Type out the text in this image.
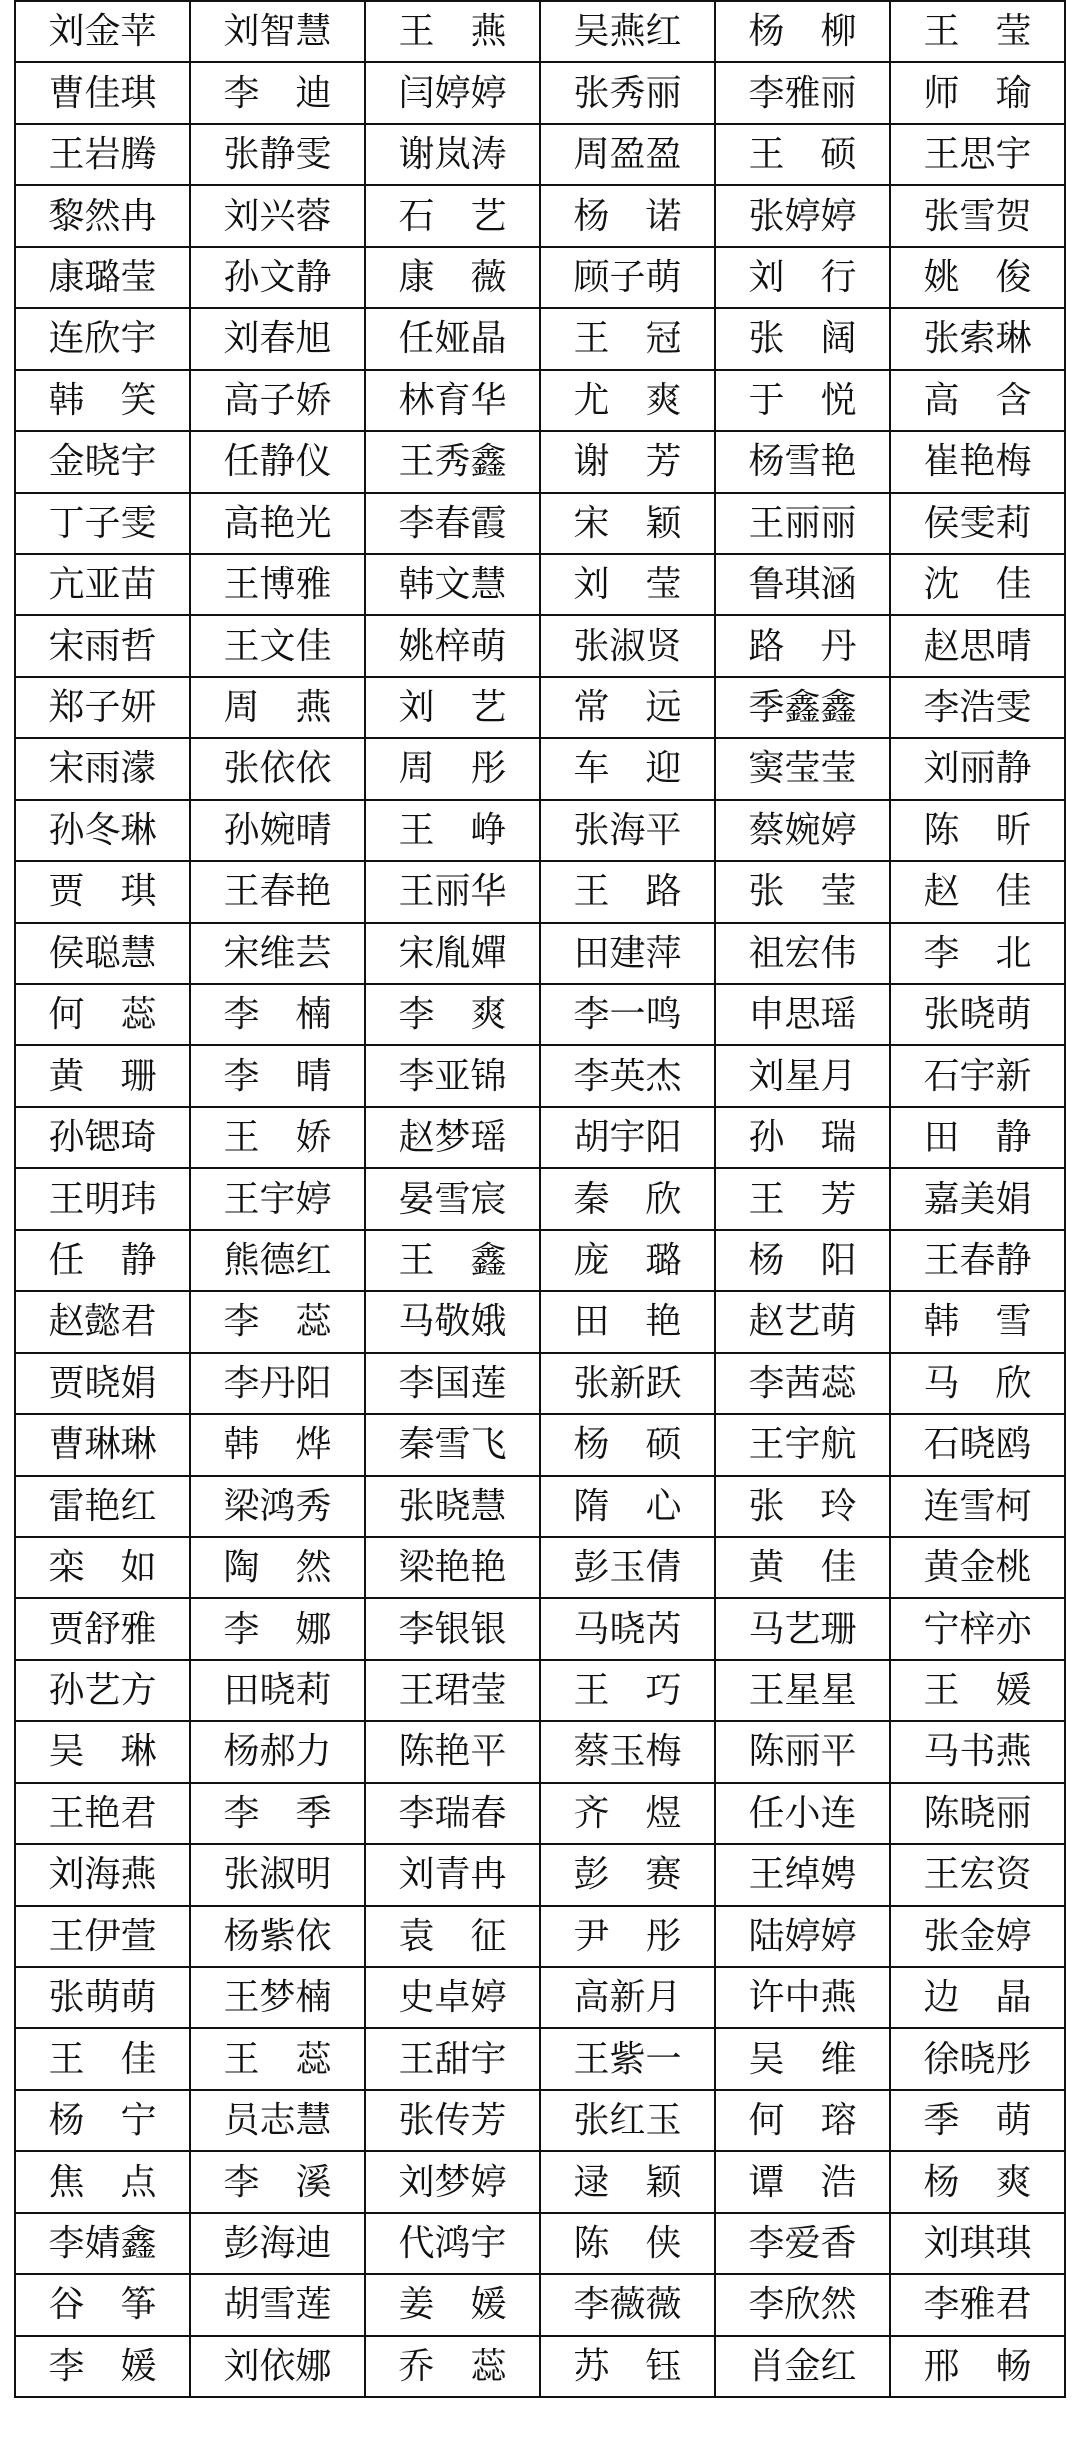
刘金苹	刘智慧	王　燕	吴燕红	杨　柳	王　莹
曹佳琪	李　迪	闫婷婷	张秀丽	李雅丽	师　瑜
王岩腾	张静雯	谢岚涛	周盈盈	王　硕	王思宇
黎然冉	刘兴蓉	石　艺	杨　诺	张婷婷	张雪贺
康璐莹	孙文静	康　薇	顾子萌	刘　行	姚　俊
连欣宇	刘春旭	任娅晶	王　冠	张　阔	张索琳
韩　笑	高子娇	林育华	尤　爽	于　悦	高　含
金晓宇	任静仪	王秀鑫	谢　芳	杨雪艳	崔艳梅
丁子雯	高艳光	李春霞	宋　颖	王丽丽	侯雯莉
亢亚苗	王博雅	韩文慧	刘　莹	鲁琪涵	沈　佳
宋雨哲	王文佳	姚梓萌	张淑贤	路　丹	赵思晴
郑子妍	周　燕	刘　艺	常　远	季鑫鑫	李浩雯
宋雨濛	张依依	周　彤	车　迎	窦莹莹	刘丽静
孙冬琳	孙婉晴	王　峥	张海平	蔡婉婷	陈　昕
贾　琪	王春艳	王丽华	王　路	张　莹	赵　佳
侯聪慧	宋维芸	宋胤嬋	田建萍	祖宏伟	李　北
何　蕊	李　楠	李　爽	李一鸣	申思瑶	张晓萌
黄　珊	李　晴	李亚锦	李英杰	刘星月	石宇新
孙锶琦	王　娇	赵梦瑶	胡宇阳	孙　瑞	田　静
王明玮	王宇婷	晏雪宸	秦　欣	王　芳	嘉美娟
任　静	熊德红	王　鑫	庞　璐	杨　阳	王春静
赵懿君	李　蕊	马敬娥	田　艳	赵艺萌	韩　雪
贾晓娟	李丹阳	李国莲	张新跃	李茜蕊	马　欣
曹琳琳	韩　烨	秦雪飞	杨　硕	王宇航	石晓鸥
雷艳红	梁鸿秀	张晓慧	隋　心	张　玲	连雪柯
栾　如	陶　然	梁艳艳	彭玉倩	黄　佳	黄金桃
贾舒雅	李　娜	李银银	马晓芮	马艺珊	宁梓亦
孙艺方	田晓莉	王珺莹	王　巧	王星星	王　媛
吴　琳	杨郝力	陈艳平	蔡玉梅	陈丽平	马书燕
王艳君	李　季	李瑞春	齐　煜	任小连	陈晓丽
刘海燕	张淑明	刘青冉	彭　赛	王绰娉	王宏资
王伊萱	杨紫依	袁　征	尹　彤	陆婷婷	张金婷
张萌萌	王梦楠	史卓婷	高新月	许中燕	边　晶
王　佳	王　蕊	王甜宇	王紫一	吴　维	徐晓彤
杨　宁	员志慧	张传芳	张红玉	何　瑢	季　萌
焦　点	李　溪	刘梦婷	逯　颖	谭　浩	杨　爽
李婧鑫	彭海迪	代鸿宇	陈　侠	李爱香	刘琪琪
谷　筝	胡雪莲	姜　媛	李薇薇	李欣然	李雅君
李　媛	刘依娜	乔　蕊	苏　钰	肖金红	邢　畅
